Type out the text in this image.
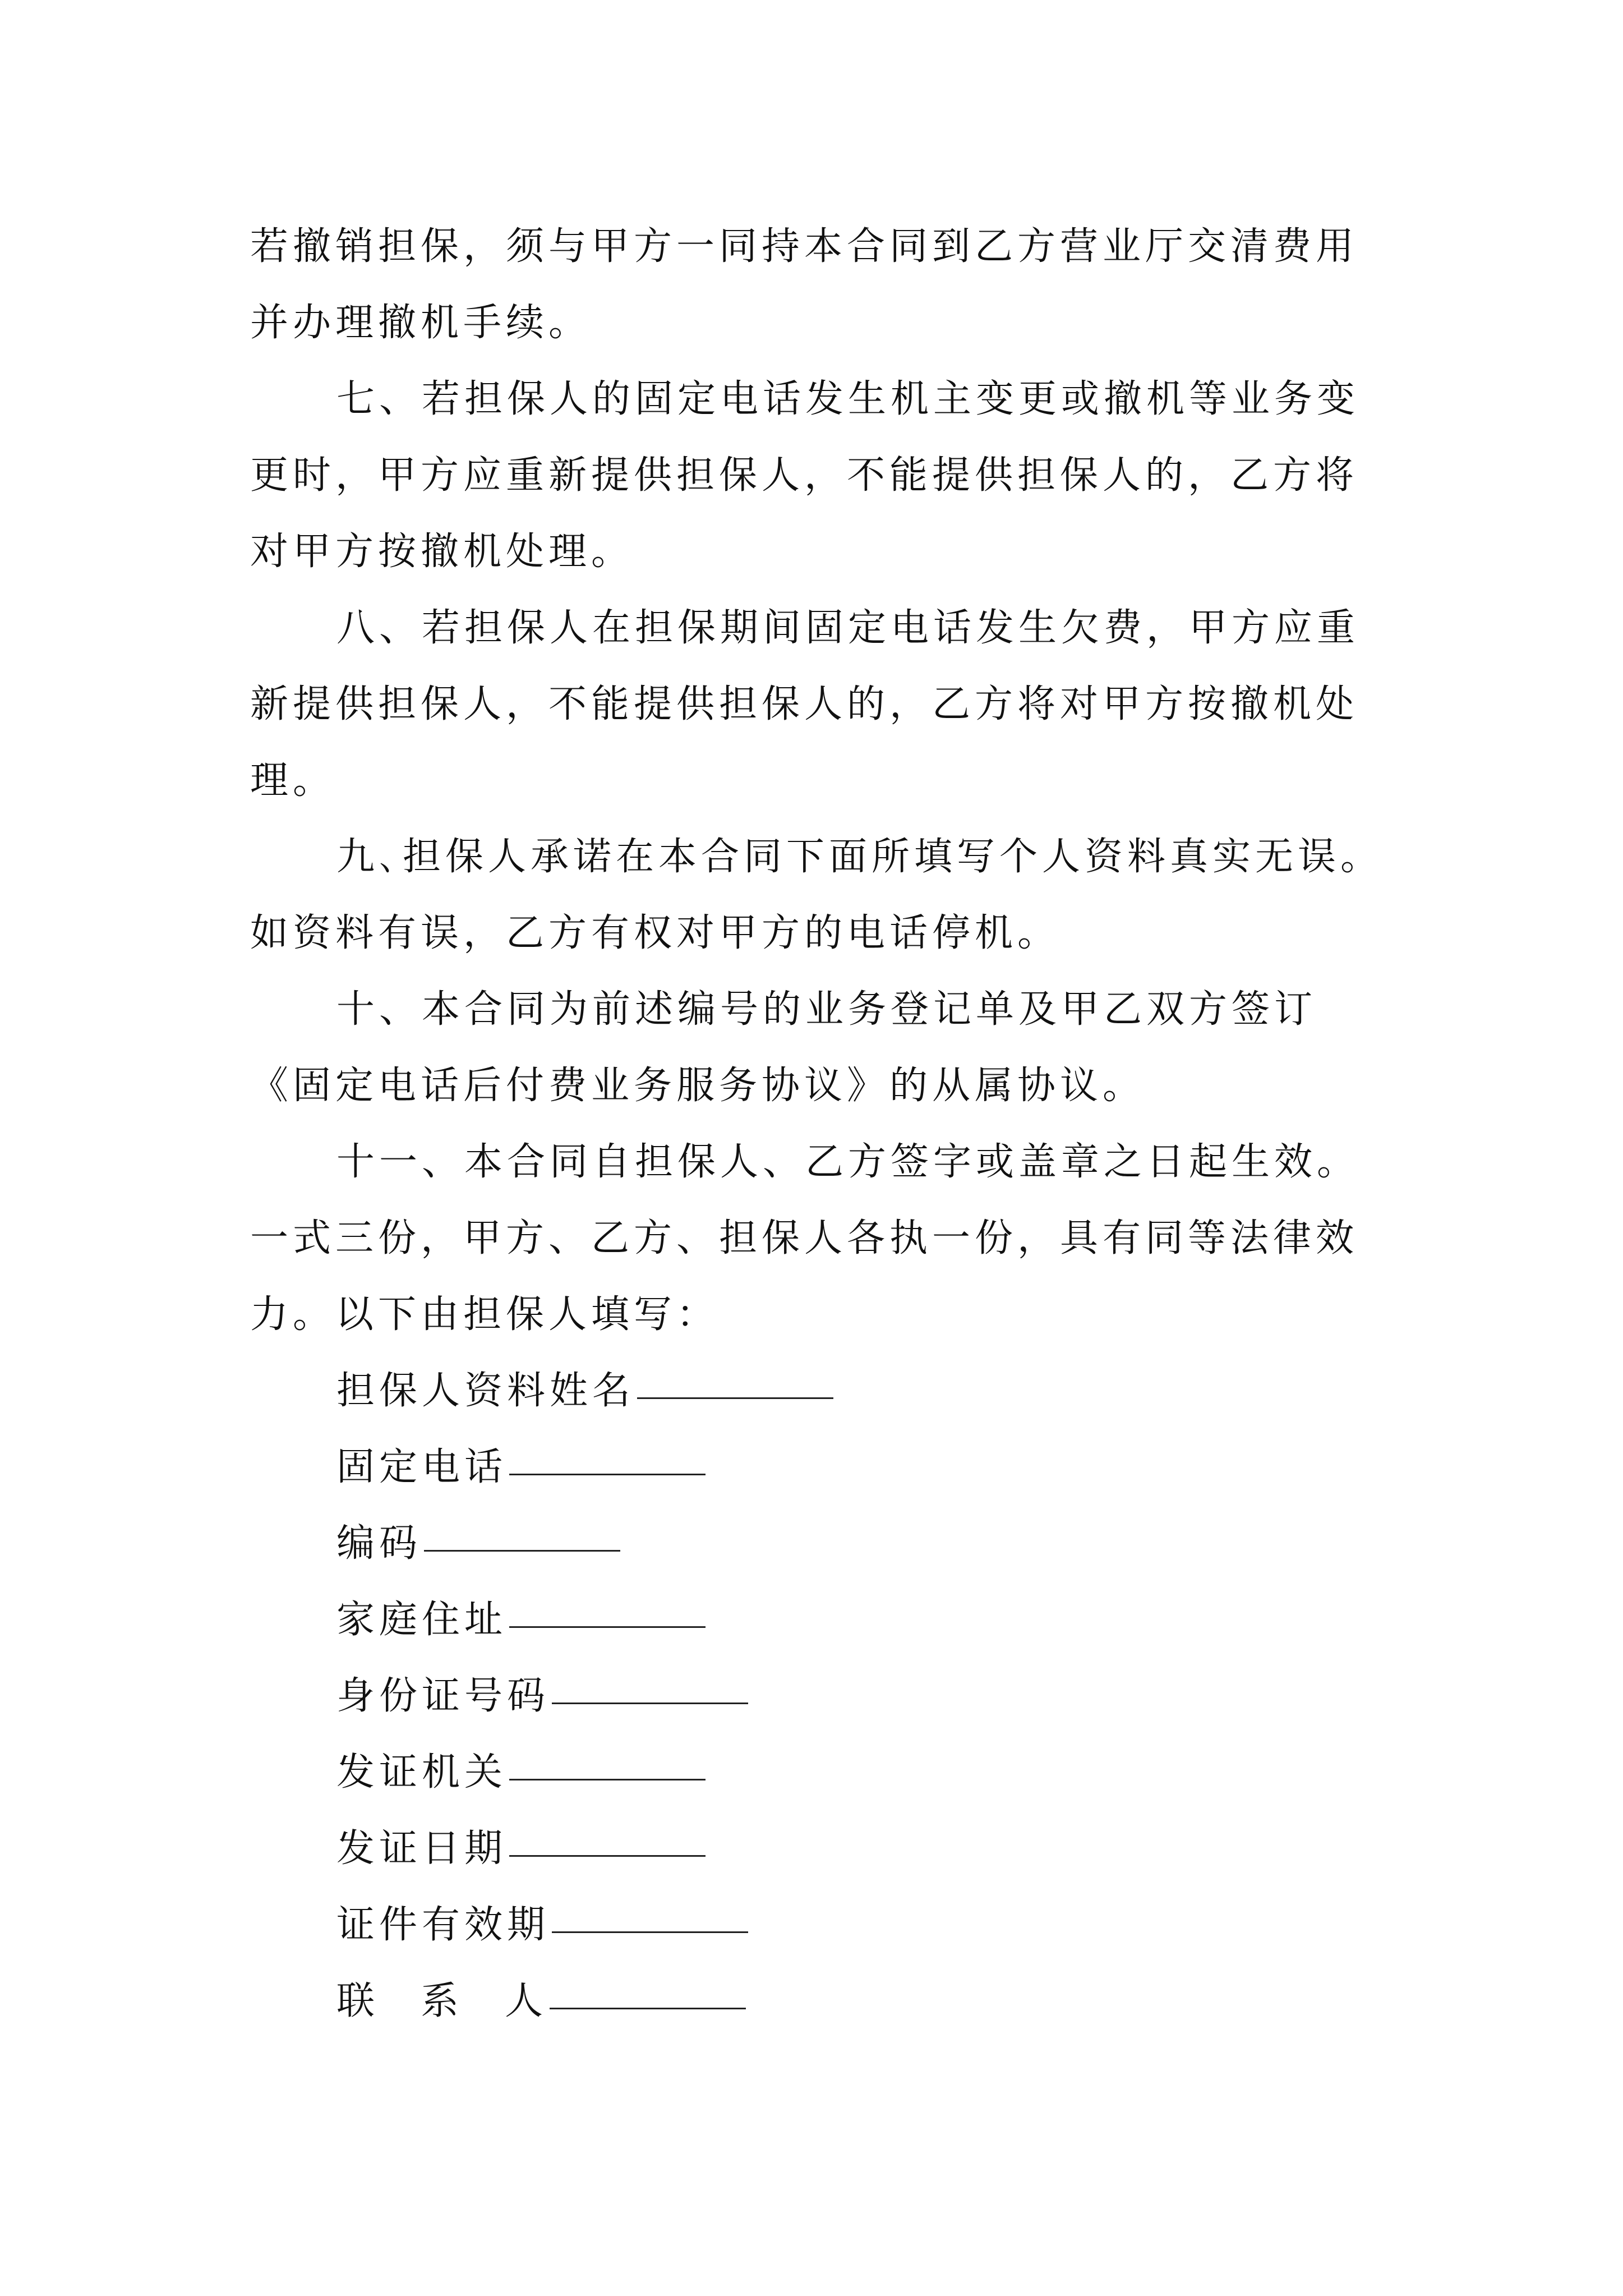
若撤销担保，须与甲方一同持本合同到乙方营业厅交清费用
并办理撤机手续。
七、若担保人的固定电话发生机主变更或撤机等业务变
更时，甲方应重新提供担保人，不能提供担保人的，乙方将
对甲方按撤机处理。
八、若担保人在担保期间固定电话发生欠费，甲方应重
新提供担保人，不能提供担保人的，乙方将对甲方按撤机处
理。
九､担保人承诺在本合同下面所填写个人资料真实无误。
如资料有误，乙方有权对甲方的电话停机。
十、本合同为前述编号的业务登记单及甲乙双方签订
《固定电话后付费业务服务协议》的从属协议。
十一、本合同自担保人、乙方签字或盖章之日起生效。
一式三份，甲方、乙方、担保人各执一份，具有同等法律效
力。以下由担保人填写：
担保人资料姓名
固定电话
编码
家庭住址
身份证号码
发证机关
发证日期
证件有效期
联 系 人
